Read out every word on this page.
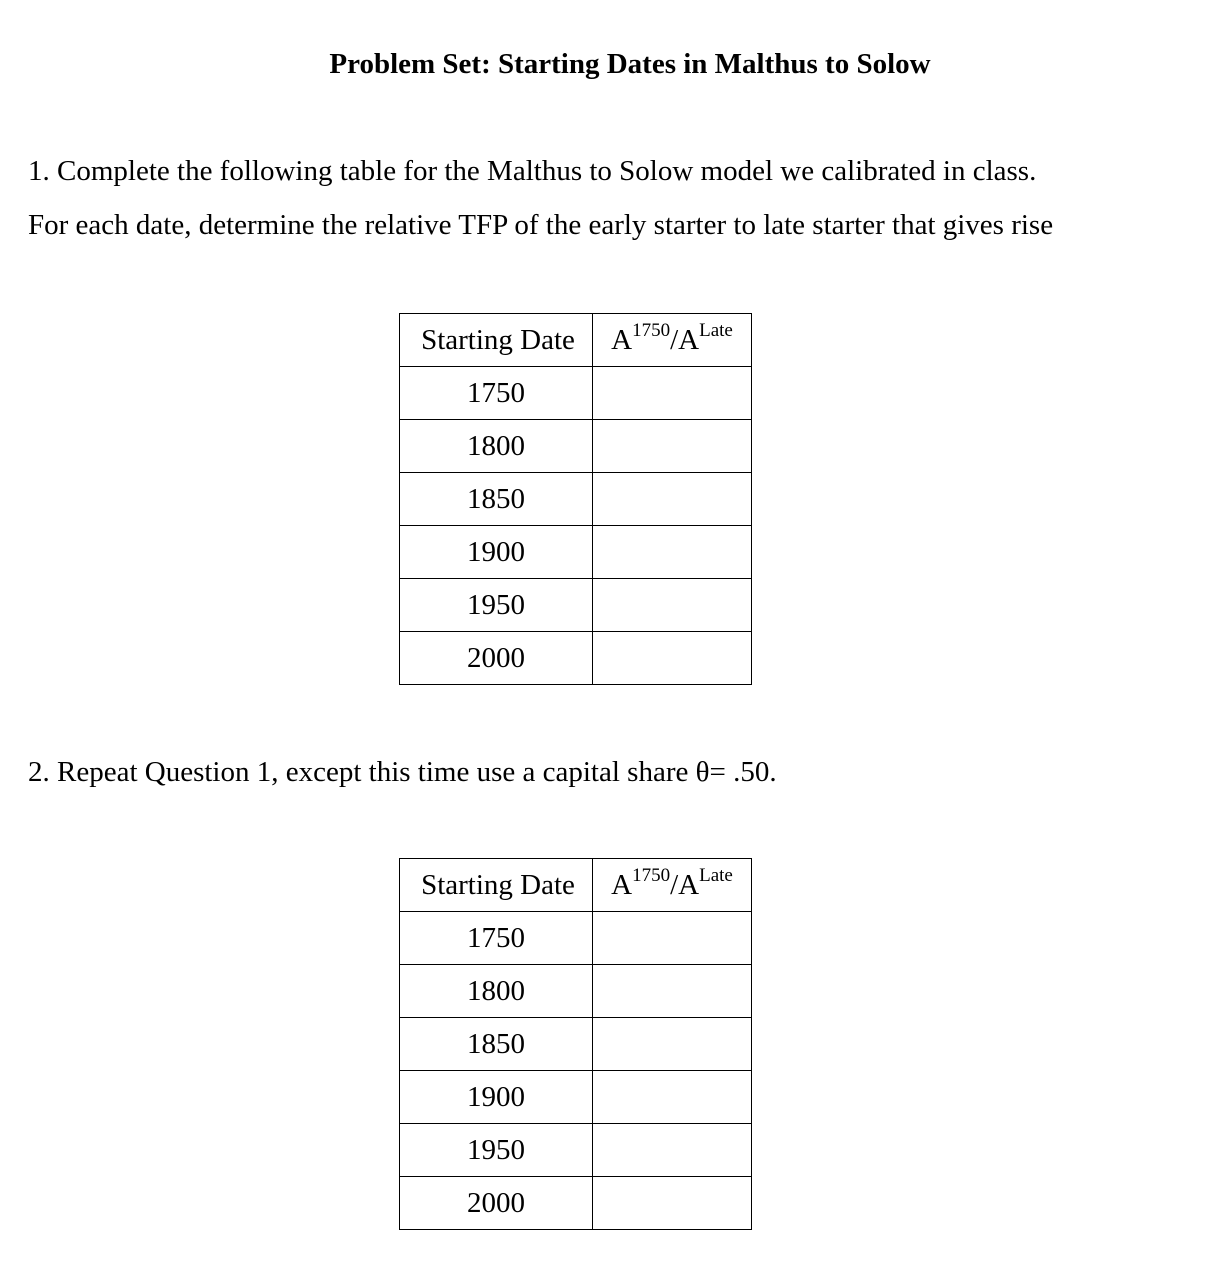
Problem Set: Starting Dates in Malthus to Solow
1. Complete the following table for the Malthus to Solow model we calibrated in class.
For each date, determine the relative TFP of the early starter to late starter that gives rise
Starting Date	$A^{1750}/A^{Late}$
1750	
1800	
1850	
1900	
1950	
2000	
2. Repeat Question 1, except this time use a capital share θ= .50.
Starting Date	$A^{1750}/A^{Late}$
1750	
1800	
1850	
1900	
1950	
2000	
